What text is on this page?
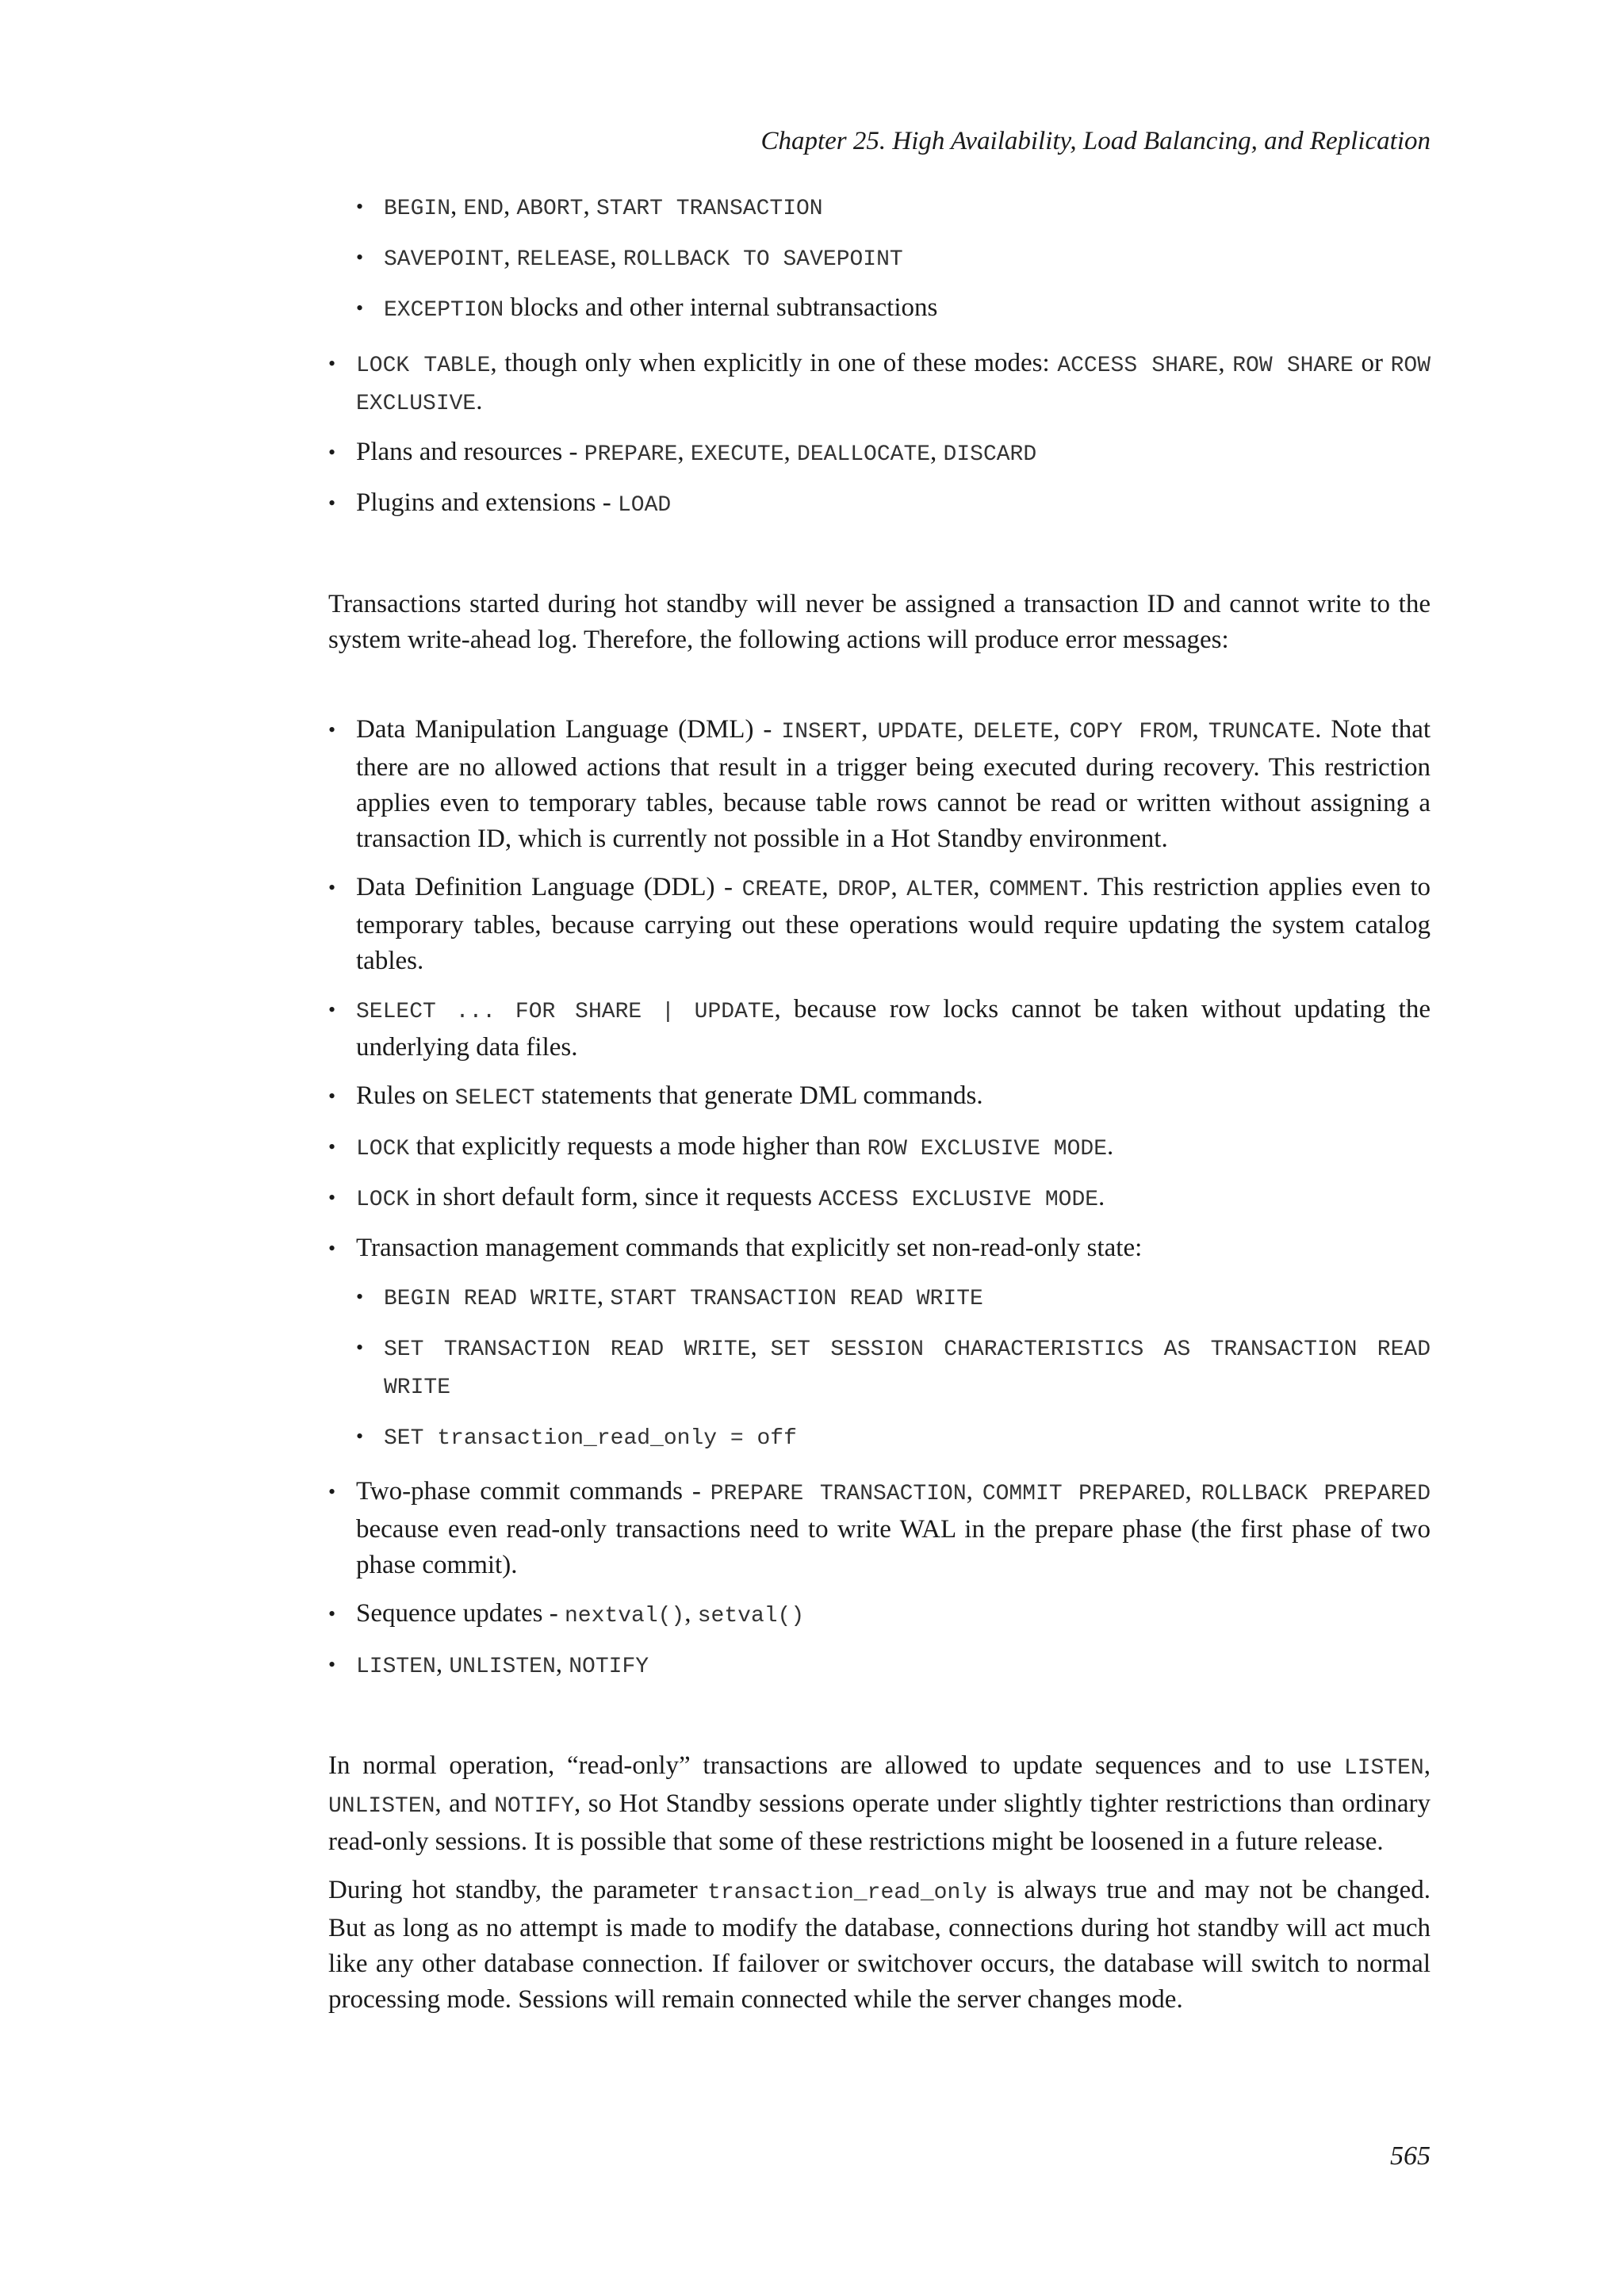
Chapter 25. High Availability, Load Balancing, and Replication
• BEGIN, END, ABORT, START TRANSACTION
• SAVEPOINT, RELEASE, ROLLBACK TO SAVEPOINT
• EXCEPTION blocks and other internal subtransactions
• LOCK TABLE, though only when explicitly in one of these modes: ACCESS SHARE, ROW SHARE or ROW EXCLUSIVE.
• Plans and resources - PREPARE, EXECUTE, DEALLOCATE, DISCARD
• Plugins and extensions - LOAD

Transactions started during hot standby will never be assigned a transaction ID and cannot write to the system write-ahead log. Therefore, the following actions will produce error messages:

• Data Manipulation Language (DML) - INSERT, UPDATE, DELETE, COPY FROM, TRUNCATE. Note that there are no allowed actions that result in a trigger being executed during recovery. This restriction applies even to temporary tables, because table rows cannot be read or written without assigning a transaction ID, which is currently not possible in a Hot Standby environment.
• Data Definition Language (DDL) - CREATE, DROP, ALTER, COMMENT. This restriction applies even to temporary tables, because carrying out these operations would require updating the system catalog tables.
• SELECT ... FOR SHARE | UPDATE, because row locks cannot be taken without updating the underlying data files.
• Rules on SELECT statements that generate DML commands.
• LOCK that explicitly requests a mode higher than ROW EXCLUSIVE MODE.
• LOCK in short default form, since it requests ACCESS EXCLUSIVE MODE.
• Transaction management commands that explicitly set non-read-only state:
• BEGIN READ WRITE, START TRANSACTION READ WRITE
• SET TRANSACTION READ WRITE, SET SESSION CHARACTERISTICS AS TRANSACTION READ WRITE
• SET transaction_read_only = off
• Two-phase commit commands - PREPARE TRANSACTION, COMMIT PREPARED, ROLLBACK PREPARED because even read-only transactions need to write WAL in the prepare phase (the first phase of two phase commit).
• Sequence updates - nextval(), setval()
• LISTEN, UNLISTEN, NOTIFY

In normal operation, “read-only” transactions are allowed to update sequences and to use LISTEN, UNLISTEN, and NOTIFY, so Hot Standby sessions operate under slightly tighter restrictions than ordinary read-only sessions. It is possible that some of these restrictions might be loosened in a future release.

During hot standby, the parameter transaction_read_only is always true and may not be changed. But as long as no attempt is made to modify the database, connections during hot standby will act much like any other database connection. If failover or switchover occurs, the database will switch to normal processing mode. Sessions will remain connected while the server changes mode.

565
